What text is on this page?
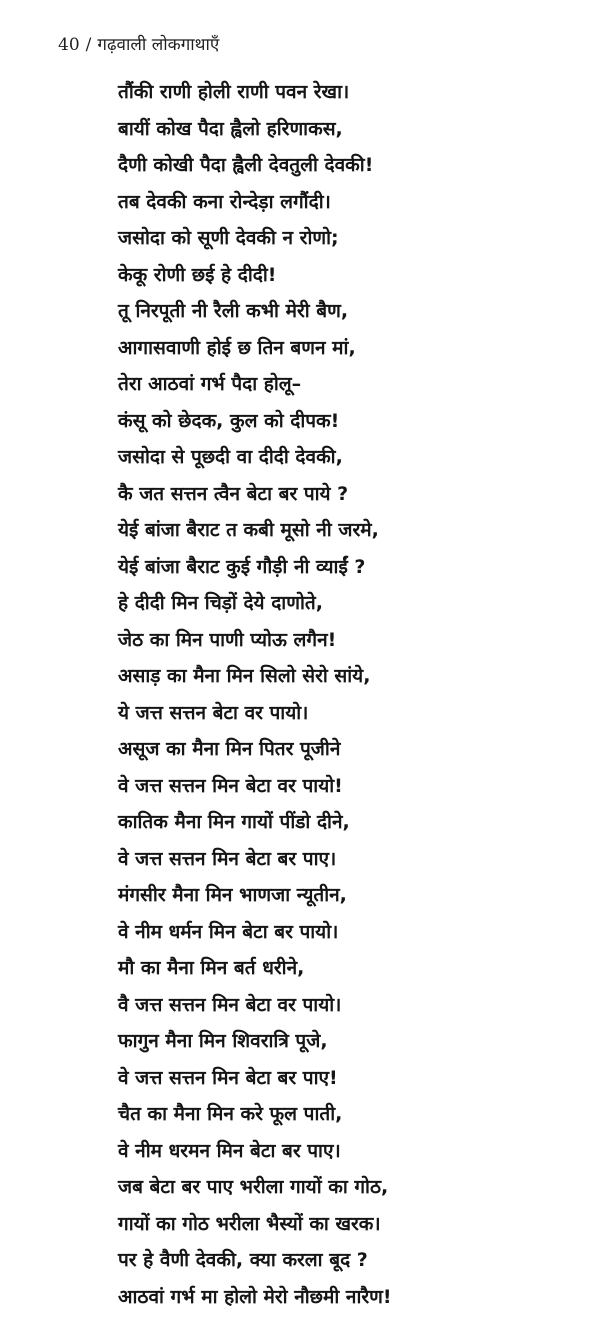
40 / गढ़वाली लोकगाथाएँ
तौंकी राणी होली राणी पवन रेखा।
बायीं कोख पैदा ह्वैलो हरिणाकस,
दैणी कोखी पैदा ह्वैली देवतुली देवकी!
तब देवकी कना रोन्देड़ा लगौंदी।
जसोदा को सूणी देवकी न रोणो;
केकू रोणी छई हे दीदी!
तू निरपूती नी रैली कभी मेरी बैण,
आगासवाणी होई छ तिन बणन मां,
तेरा आठवां गर्भ पैदा होलू–
कंसू को छेदक, कुल को दीपक!
जसोदा से पूछदी वा दीदी देवकी,
कै जत सत्तन त्वैन बेटा बर पाये ?
येई बांजा बैराट त कबी मूसो नी जरमे,
येई बांजा बैराट कुई गौड़ी नी व्याईं ?
हे दीदी मिन चिड़ों देये दाणोते,
जेठ का मिन पाणी प्योऊ लगैन!
असाड़ का मैना मिन सिलो सेरो सांये,
ये जत्त सत्तन बेटा वर पायो।
असूज का मैना मिन पितर पूजीने
वे जत्त सत्तन मिन बेटा वर पायो!
कातिक मैना मिन गायों पींडो दीने,
वे जत्त सत्तन मिन बेटा बर पाए।
मंगसीर मैना मिन भाणजा न्यूतीन,
वे नीम धर्मन मिन बेटा बर पायो।
मौ का मैना मिन बर्त धरीने,
वै जत्त सत्तन मिन बेटा वर पायो।
फागुन मैना मिन शिवरात्रि पूजे,
वे जत्त सत्तन मिन बेटा बर पाए!
चैत का मैना मिन करे फूल पाती,
वे नीम धरमन मिन बेटा बर पाए।
जब बेटा बर पाए भरीला गायों का गोठ,
गायों का गोठ भरीला भैस्यों का खरक।
पर हे वैणी देवकी, क्या करला बूद ?
आठवां गर्भ मा होलो मेरो नौछमी नारैण!
